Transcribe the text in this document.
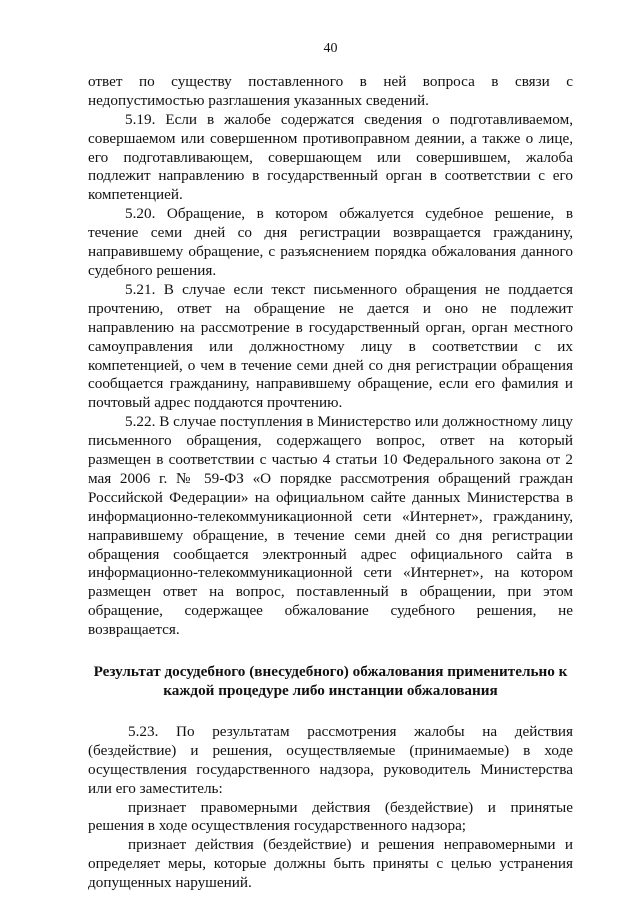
40

ответ по существу поставленного в ней вопроса в связи с недопустимостью разглашения указанных сведений.

5.19. Если в жалобе содержатся сведения о подготавливаемом, совершаемом или совершенном противоправном деянии, а также о лице, его подготавливающем, совершающем или совершившем, жалоба подлежит направлению в государственный орган в соответствии с его компетенцией.

5.20. Обращение, в котором обжалуется судебное решение, в течение семи дней со дня регистрации возвращается гражданину, направившему обращение, с разъяснением порядка обжалования данного судебного решения.

5.21. В случае если текст письменного обращения не поддается прочтению, ответ на обращение не дается и оно не подлежит направлению на рассмотрение в государственный орган, орган местного самоуправления или должностному лицу в соответствии с их компетенцией, о чем в течение семи дней со дня регистрации обращения сообщается гражданину, направившему обращение, если его фамилия и почтовый адрес поддаются прочтению.

5.22. В случае поступления в Министерство или должностному лицу письменного обращения, содержащего вопрос, ответ на который размещен в соответствии с частью 4 статьи 10 Федерального закона от 2 мая 2006 г. № 59-ФЗ «О порядке рассмотрения обращений граждан Российской Федерации» на официальном сайте данных Министерства в информационно-телекоммуникационной сети «Интернет», гражданину, направившему обращение, в течение семи дней со дня регистрации обращения сообщается электронный адрес официального сайта в информационно-телекоммуникационной сети «Интернет», на котором размещен ответ на вопрос, поставленный в обращении, при этом обращение, содержащее обжалование судебного решения, не возвращается.

Результат досудебного (внесудебного) обжалования применительно к каждой процедуре либо инстанции обжалования

5.23. По результатам рассмотрения жалобы на действия (бездействие) и решения, осуществляемые (принимаемые) в ходе осуществления государственного надзора, руководитель Министерства или его заместитель:

признает правомерными действия (бездействие) и принятые решения в ходе осуществления государственного надзора;

признает действия (бездействие) и решения неправомерными и определяет меры, которые должны быть приняты с целью устранения допущенных нарушений.
